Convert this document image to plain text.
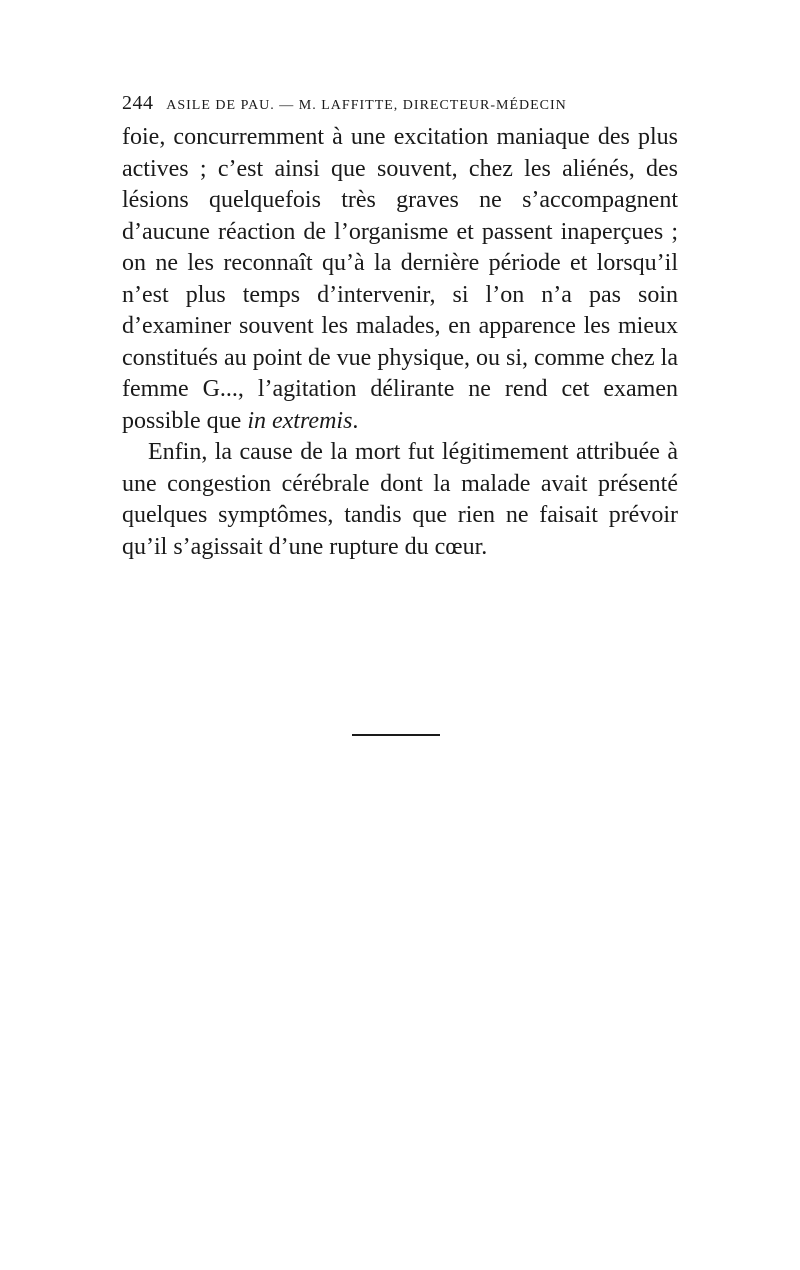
244 ASILE DE PAU. — M. LAFFITTE, DIRECTEUR-MÉDECIN

foie, concurremment à une excitation maniaque des plus actives ; c’est ainsi que souvent, chez les aliénés, des lésions quelquefois très graves ne s’accompagnent d’aucune réaction de l’organisme et passent inaperçues ; on ne les reconnaît qu’à la dernière période et lorsqu’il n’est plus temps d’intervenir, si l’on n’a pas soin d’examiner souvent les malades, en apparence les mieux constitués au point de vue physique, ou si, comme chez la femme G..., l’agitation délirante ne rend cet examen possible que in extremis.

Enfin, la cause de la mort fut légitimement attribuée à une congestion cérébrale dont la malade avait présenté quelques symptômes, tandis que rien ne faisait prévoir qu’il s’agissait d’une rupture du cœur.
